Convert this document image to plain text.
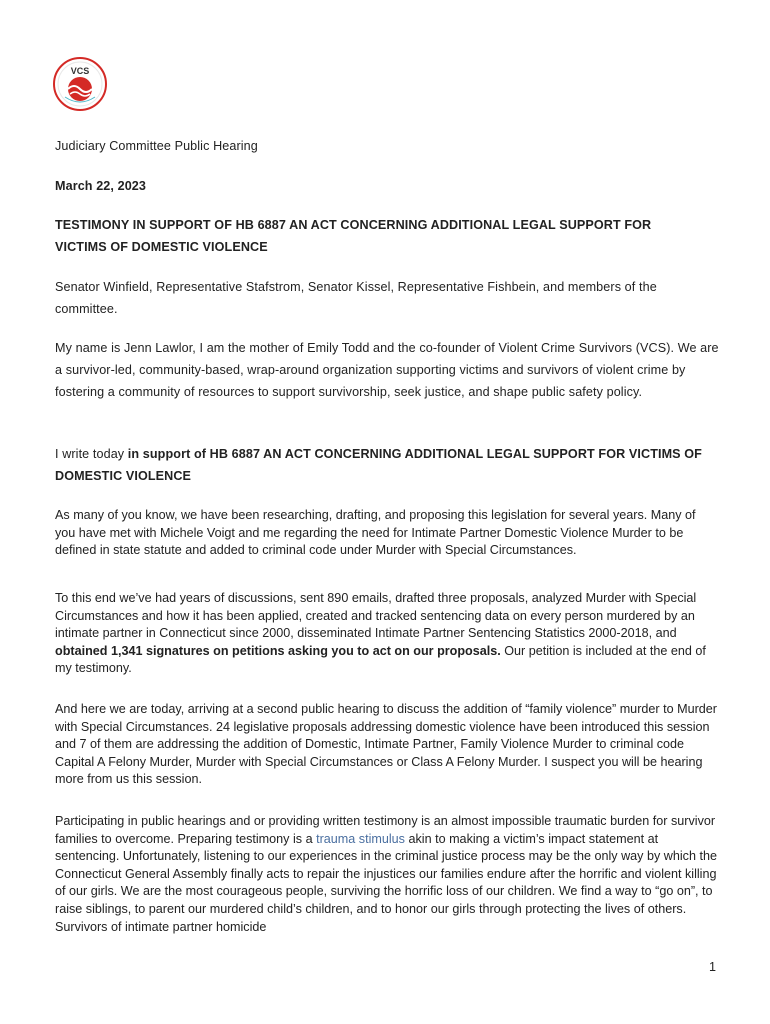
VCS

Judiciary Committee Public Hearing

March 22, 2023

TESTIMONY IN SUPPORT OF HB 6887 AN ACT CONCERNING ADDITIONAL LEGAL SUPPORT FOR VICTIMS OF DOMESTIC VIOLENCE

Senator Winfield, Representative Stafstrom, Senator Kissel, Representative Fishbein, and members of the committee.

My name is Jenn Lawlor, I am the mother of Emily Todd and the co-founder of Violent Crime Survivors (VCS). We are a survivor-led, community-based, wrap-around organization supporting victims and survivors of violent crime by fostering a community of resources to support survivorship, seek justice, and shape public safety policy.

I write today in support of HB 6887 AN ACT CONCERNING ADDITIONAL LEGAL SUPPORT FOR VICTIMS OF DOMESTIC VIOLENCE

As many of you know, we have been researching, drafting, and proposing this legislation for several years. Many of you have met with Michele Voigt and me regarding the need for Intimate Partner Domestic Violence Murder to be defined in state statute and added to criminal code under Murder with Special Circumstances.

To this end we’ve had years of discussions, sent 890 emails, drafted three proposals, analyzed Murder with Special Circumstances and how it has been applied, created and tracked sentencing data on every person murdered by an intimate partner in Connecticut since 2000, disseminated Intimate Partner Sentencing Statistics 2000-2018, and obtained 1,341 signatures on petitions asking you to act on our proposals. Our petition is included at the end of my testimony.

And here we are today, arriving at a second public hearing to discuss the addition of “family violence” murder to Murder with Special Circumstances. 24 legislative proposals addressing domestic violence have been introduced this session and 7 of them are addressing the addition of Domestic, Intimate Partner, Family Violence Murder to criminal code Capital A Felony Murder, Murder with Special Circumstances or Class A Felony Murder. I suspect you will be hearing more from us this session.

Participating in public hearings and or providing written testimony is an almost impossible traumatic burden for survivor families to overcome. Preparing testimony is a trauma stimulus akin to making a victim’s impact statement at sentencing. Unfortunately, listening to our experiences in the criminal justice process may be the only way by which the Connecticut General Assembly finally acts to repair the injustices our families endure after the horrific and violent killing of our girls. We are the most courageous people, surviving the horrific loss of our children. We find a way to “go on”, to raise siblings, to parent our murdered child’s children, and to honor our girls through protecting the lives of others. Survivors of intimate partner homicide

1
